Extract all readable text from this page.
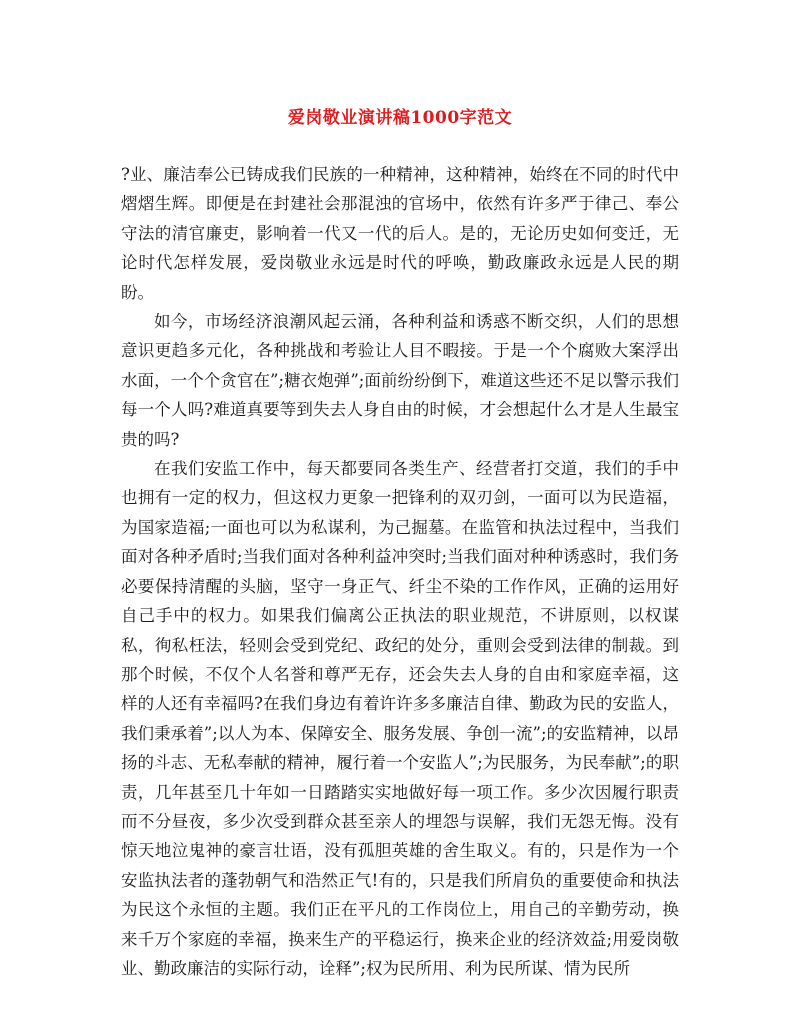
爱岗敬业演讲稿1000字范文

?业、廉洁奉公已铸成我们民族的一种精神，这种精神，始终在不同的时代中熠熠生辉。即便是在封建社会那混浊的官场中，依然有许多严于律己、奉公守法的清官廉吏，影响着一代又一代的后人。是的，无论历史如何变迁，无论时代怎样发展，爱岗敬业永远是时代的呼唤，勤政廉政永远是人民的期盼。

如今，市场经济浪潮风起云涌，各种利益和诱惑不断交织，人们的思想意识更趋多元化，各种挑战和考验让人目不暇接。于是一个个腐败大案浮出水面，一个个贪官在”;糖衣炮弹”;面前纷纷倒下，难道这些还不足以警示我们每一个人吗?难道真要等到失去人身自由的时候，才会想起什么才是人生最宝贵的吗?

在我们安监工作中，每天都要同各类生产、经营者打交道，我们的手中也拥有一定的权力，但这权力更象一把锋利的双刃剑，一面可以为民造福，为国家造福;一面也可以为私谋利，为己掘墓。在监管和执法过程中，当我们面对各种矛盾时;当我们面对各种利益冲突时;当我们面对种种诱惑时，我们务必要保持清醒的头脑，坚守一身正气、纤尘不染的工作作风，正确的运用好自己手中的权力。如果我们偏离公正执法的职业规范，不讲原则，以权谋私，徇私枉法，轻则会受到党纪、政纪的处分，重则会受到法律的制裁。到那个时候，不仅个人名誉和尊严无存，还会失去人身的自由和家庭幸福，这样的人还有幸福吗?在我们身边有着许许多多廉洁自律、勤政为民的安监人，我们秉承着”;以人为本、保障安全、服务发展、争创一流”;的安监精神，以昂扬的斗志、无私奉献的精神，履行着一个安监人”;为民服务，为民奉献”;的职责，几年甚至几十年如一日踏踏实实地做好每一项工作。多少次因履行职责而不分昼夜，多少次受到群众甚至亲人的埋怨与误解，我们无怨无悔。没有惊天地泣鬼神的豪言壮语，没有孤胆英雄的舍生取义。有的，只是作为一个安监执法者的蓬勃朝气和浩然正气!有的，只是我们所肩负的重要使命和执法为民这个永恒的主题。我们正在平凡的工作岗位上，用自己的辛勤劳动，换来千万个家庭的幸福，换来生产的平稳运行，换来企业的经济效益;用爱岗敬业、勤政廉洁的实际行动，诠释”;权为民所用、利为民所谋、情为民所
